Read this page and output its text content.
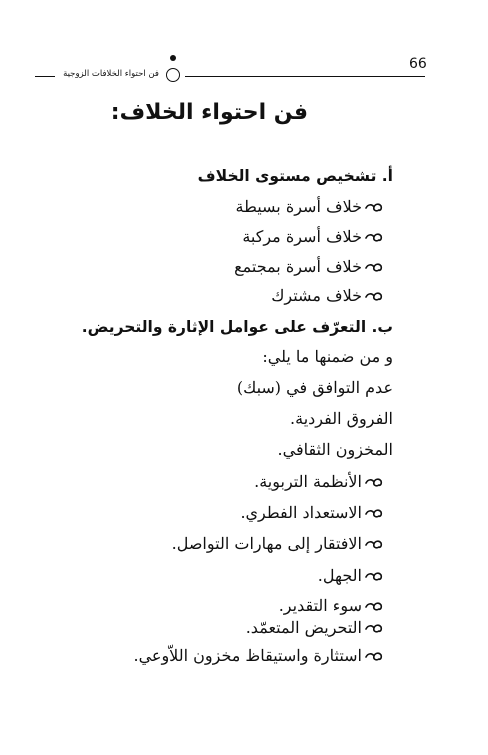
66
فن احتواء الخلافات الزوجية
فن احتواء الخلاف:
أ. تشخيص مستوى الخلاف
خلاف أسرة بسيطة
خلاف أسرة مركبة
خلاف أسرة بمجتمع
خلاف مشترك
ب. التعرّف على عوامل الإثارة والتحريض.
و من ضمنها ما يلي:
عدم التوافق في (سبك)
الفروق الفردية.
المخزون الثقافي.
الأنظمة التربوية.
الاستعداد الفطري.
الافتقار إلى مهارات التواصل.
الجهل.
سوء التقدير.
التحريض المتعمّد.
استثارة واستيقاظ مخزون اللاّوعي.
